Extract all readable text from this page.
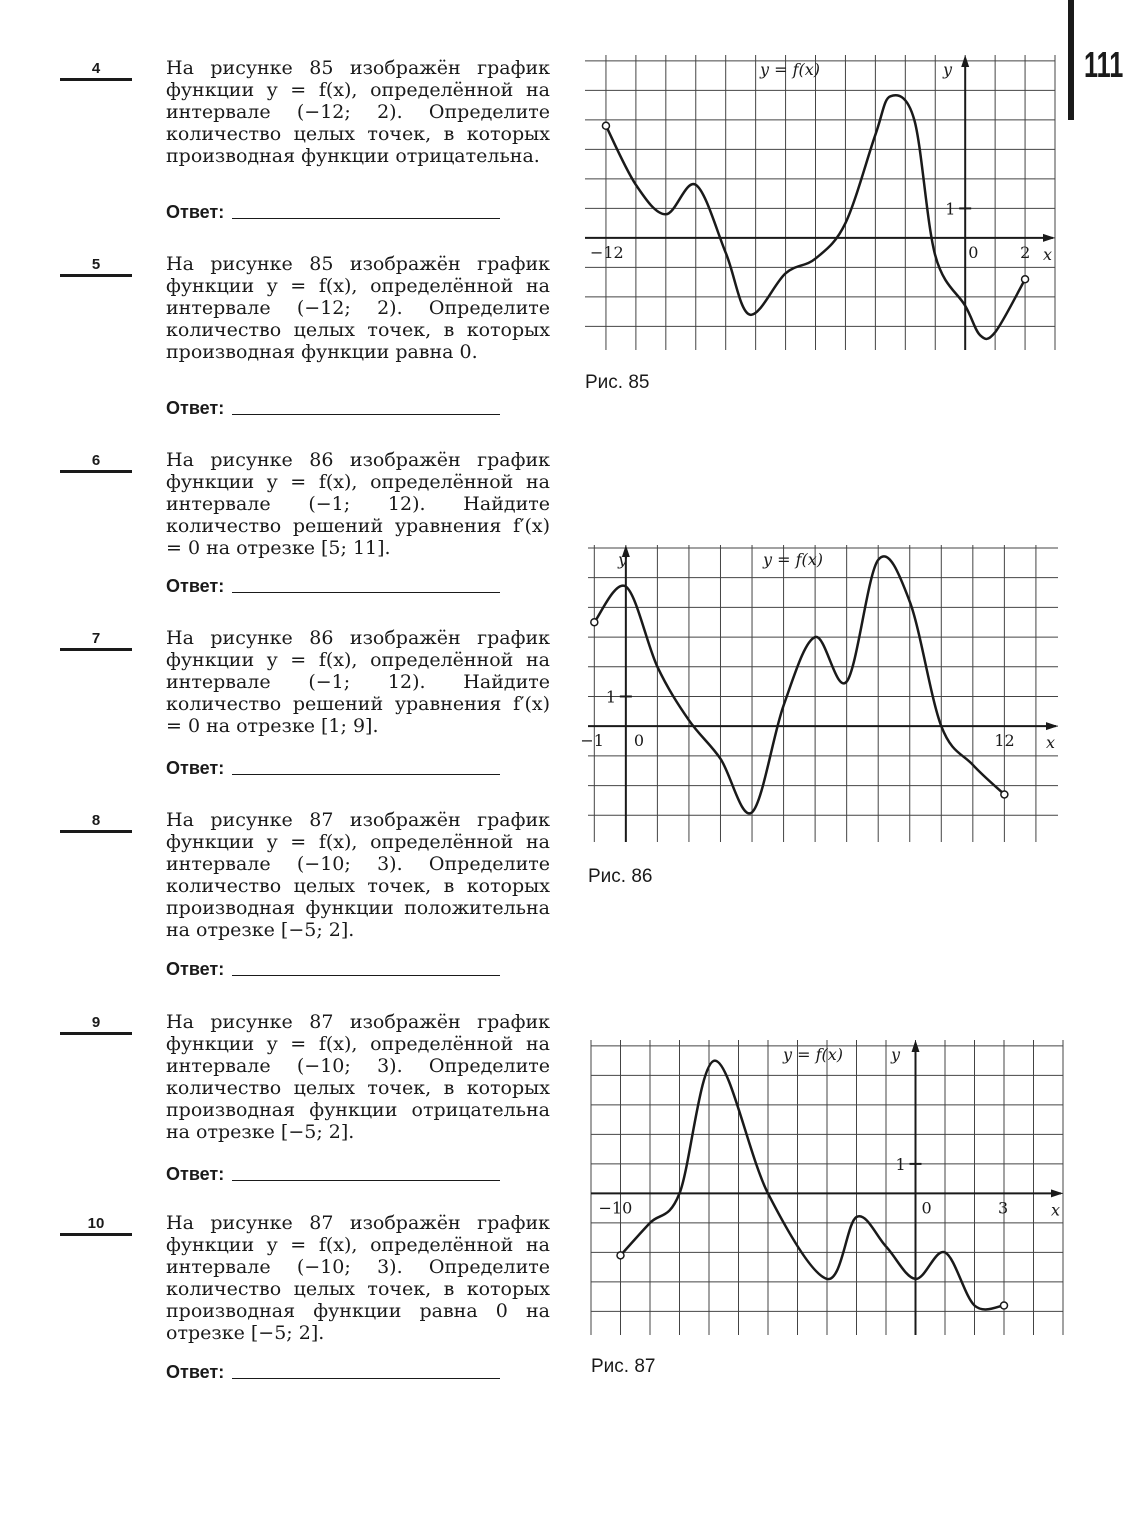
111
4	На рисунке 85 изображён график функции y = f(x), определённой на интервале (−12; 2). Определите количество целых точек, в которых производная функции отрицательна.

Ответ:
5	На рисунке 85 изображён график функции y = f(x), определённой на интервале (−12; 2). Определите количество целых точек, в которых производная функции равна 0.

Ответ:
6	На рисунке 86 изображён график функции y = f(x), определённой на интервале (−1; 12). Найдите количество решений уравнения f′(x) = 0 на отрезке [5; 11].

Ответ:
7	На рисунке 86 изображён график функции y = f(x), определённой на интервале (−1; 12). Найдите количество решений уравнения f′(x) = 0 на отрезке [1; 9].

Ответ:
8	На рисунке 87 изображён график функции y = f(x), определённой на интервале (−10; 3). Определите количество целых точек, в которых производная функции положительна на отрезке [−5; 2].

Ответ:
9	На рисунке 87 изображён график функции y = f(x), определённой на интервале (−10; 3). Определите количество целых точек, в которых производная функции отрицательна на отрезке [−5; 2].

Ответ:
10	На рисунке 87 изображён график функции y = f(x), определённой на интервале (−10; 3). Определите количество целых точек, в которых производная функции равна 0 на отрезке [−5; 2].

Ответ:
y = f(x)
x
y
−12	0	2
1
Рис. 85
y = f(x)
x
y
−1 0	12
1
Рис. 86
y = f(x)
x
y
−10	0	3
1
Рис. 87
